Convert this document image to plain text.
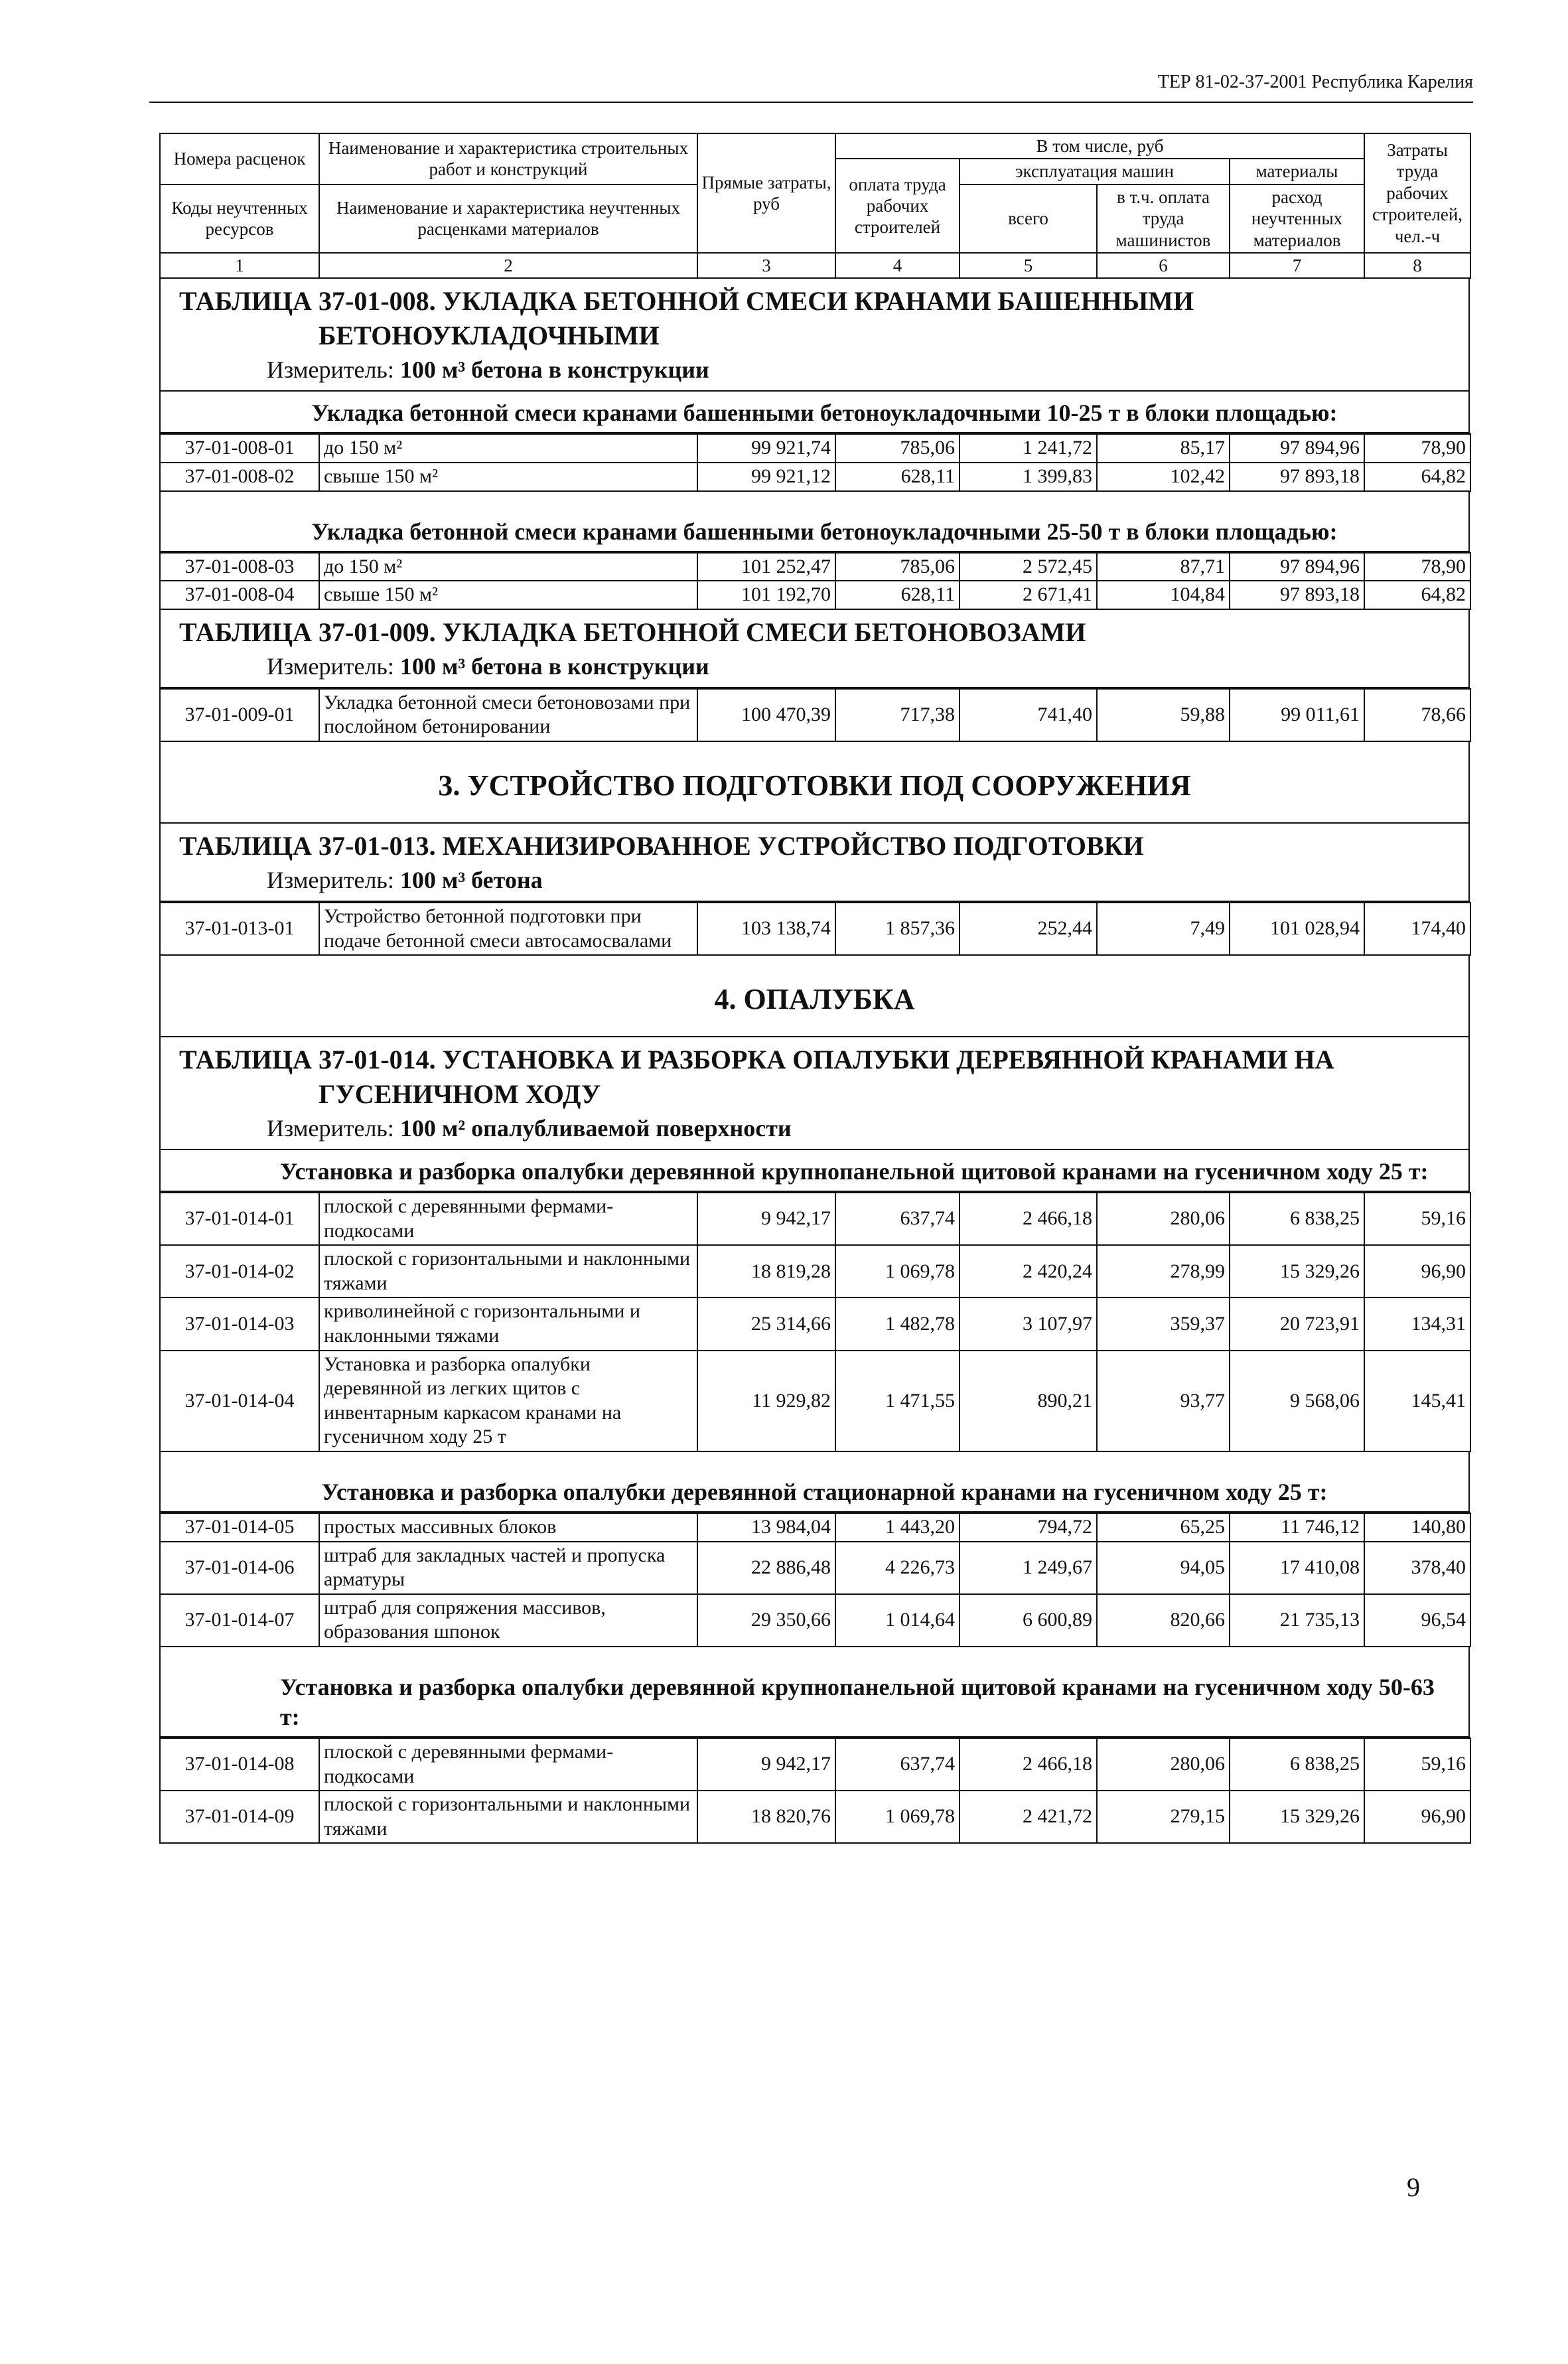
ТЕР 81-02-37-2001 Республика Карелия
Номера расценок	Наименование и характеристика строительных работ и конструкций	Прямые затраты, руб	В том числе, руб				Затраты труда рабочих строителей, чел.-ч
			оплата труда рабочих строителей	эксплуатация машин		материалы	
Коды неучтенных ресурсов	Наименование и характеристика неучтенных расценками материалов			всего	в т.ч. оплата труда машинистов	расход неучтенных материалов	

1	2	3	4	5	6	7	8
ТАБЛИЦА 37-01-008. УКЛАДКА БЕТОННОЙ СМЕСИ КРАНАМИ БАШЕННЫМИ БЕТОНОУКЛАДОЧНЫМИ
Измеритель: 100 м³ бетона в конструкции
Укладка бетонной смеси кранами башенными бетоноукладочными 10-25 т в блоки площадью:
37-01-008-01	до 150 м²	99 921,74	785,06	1 241,72	85,17	97 894,96	78,90
37-01-008-02	свыше 150 м²	99 921,12	628,11	1 399,83	102,42	97 893,18	64,82
Укладка бетонной смеси кранами башенными бетоноукладочными 25-50 т в блоки площадью:
37-01-008-03	до 150 м²	101 252,47	785,06	2 572,45	87,71	97 894,96	78,90
37-01-008-04	свыше 150 м²	101 192,70	628,11	2 671,41	104,84	97 893,18	64,82
ТАБЛИЦА 37-01-009. УКЛАДКА БЕТОННОЙ СМЕСИ БЕТОНОВОЗАМИ
Измеритель: 100 м³ бетона в конструкции
37-01-009-01	Укладка бетонной смеси бетоновозами при послойном бетонировании	100 470,39	717,38	741,40	59,88	99 011,61	78,66
3. УСТРОЙСТВО ПОДГОТОВКИ ПОД СООРУЖЕНИЯ
ТАБЛИЦА 37-01-013. МЕХАНИЗИРОВАННОЕ УСТРОЙСТВО ПОДГОТОВКИ
Измеритель: 100 м³ бетона
37-01-013-01	Устройство бетонной подготовки при подаче бетонной смеси автосамосвалами	103 138,74	1 857,36	252,44	7,49	101 028,94	174,40
4. ОПАЛУБКА
ТАБЛИЦА 37-01-014. УСТАНОВКА И РАЗБОРКА ОПАЛУБКИ ДЕРЕВЯННОЙ КРАНАМИ НА ГУСЕНИЧНОМ ХОДУ
Измеритель: 100 м² опалубливаемой поверхности
Установка и разборка опалубки деревянной крупнопанельной щитовой кранами на гусеничном ходу 25 т:
37-01-014-01	плоской с деревянными фермами-подкосами	9 942,17	637,74	2 466,18	280,06	6 838,25	59,16
37-01-014-02	плоской с горизонтальными и наклонными тяжами	18 819,28	1 069,78	2 420,24	278,99	15 329,26	96,90
37-01-014-03	криволинейной с горизонтальными и наклонными тяжами	25 314,66	1 482,78	3 107,97	359,37	20 723,91	134,31
37-01-014-04	Установка и разборка опалубки деревянной из легких щитов с инвентарным каркасом кранами на гусеничном ходу 25 т	11 929,82	1 471,55	890,21	93,77	9 568,06	145,41
Установка и разборка опалубки деревянной стационарной кранами на гусеничном ходу 25 т:
37-01-014-05	простых массивных блоков	13 984,04	1 443,20	794,72	65,25	11 746,12	140,80
37-01-014-06	штраб для закладных частей и пропуска арматуры	22 886,48	4 226,73	1 249,67	94,05	17 410,08	378,40
37-01-014-07	штраб для сопряжения массивов, образования шпонок	29 350,66	1 014,64	6 600,89	820,66	21 735,13	96,54
Установка и разборка опалубки деревянной крупнопанельной щитовой кранами на гусеничном ходу 50-63 т:
37-01-014-08	плоской с деревянными фермами-подкосами	9 942,17	637,74	2 466,18	280,06	6 838,25	59,16
37-01-014-09	плоской с горизонтальными и наклонными тяжами	18 820,76	1 069,78	2 421,72	279,15	15 329,26	96,90
9
